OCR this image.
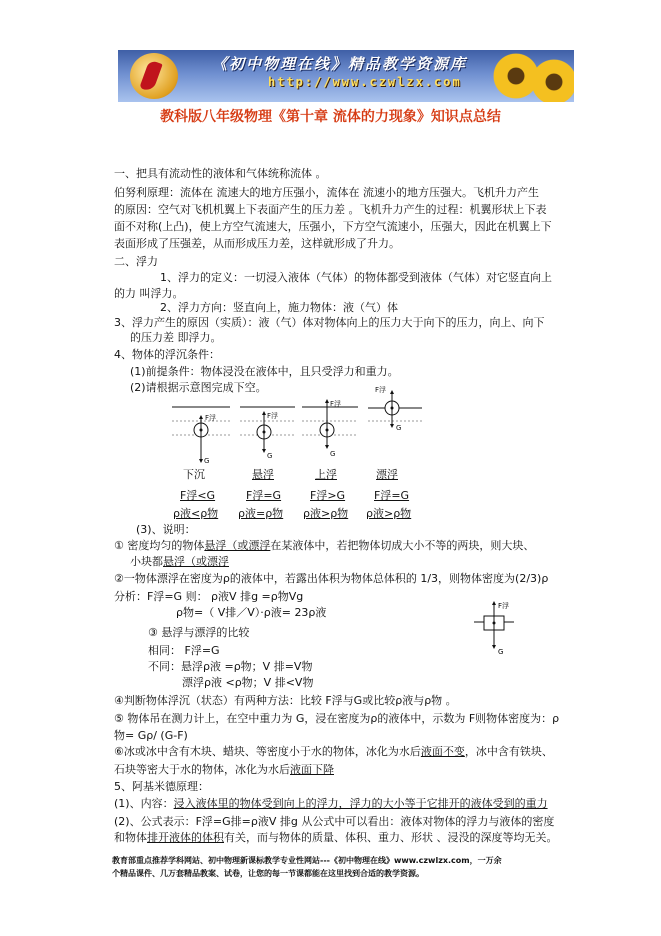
《初中物理在线》精品教学资源库
http://www.czwlzx.com
教科版八年级物理《第十章 流体的力现象》知识点总结
一、把具有流动性的液体和气体统称流体 。
伯努利原理：流体在 流速大的地方压强小，流体在 流速小的地方压强大。飞机升力产生
的原因：空气对飞机机翼上下表面产生的压力差 。飞机升力产生的过程：机翼形状上下表
面不对称(上凸)，使上方空气流速大，压强小，下方空气流速小，压强大，因此在机翼上下
表面形成了压强差，从而形成压力差，这样就形成了升力。
二、浮力
1、浮力的定义：一切浸入液体（气体）的物体都受到液体（气体）对它竖直向上
的力 叫浮力。
2、浮力方向：竖直向上，施力物体：液（气）体
3、浮力产生的原因（实质）：液（气）体对物体向上的压力大于向下的压力，向上、向下
的压力差 即浮力。
4、物体的浮沉条件：
(1)前提条件：物体浸没在液体中，且只受浮力和重力。
(2)请根据示意图完成下空。
F浮
G
F浮
G
F浮
G
F浮
G
下沉	悬浮	上浮	漂浮
F浮<G	F浮=G	F浮>G	F浮=G
ρ液<ρ物 ρ液=ρ物 ρ液>ρ物 ρ液>ρ物
(3)、说明：
① 密度均匀的物体悬浮（或漂浮在某液体中，若把物体切成大小不等的两块，则大块、
小块都悬浮（或漂浮
②一物体漂浮在密度为ρ的液体中，若露出体积为物体总体积的 1/3，则物体密度为(2/3)ρ
分析：F浮=G 则： ρ液V 排g =ρ物Vg
ρ物=（ V排／V）·ρ液= 23ρ液	F浮
G
③ 悬浮与漂浮的比较
相同： F浮=G
不同：悬浮ρ液 =ρ物；V 排=V物
漂浮ρ液 <ρ物；V 排<V物
④判断物体浮沉（状态）有两种方法：比较 F浮与G或比较ρ液与ρ物 。
⑤ 物体吊在测力计上，在空中重力为 G，浸在密度为ρ的液体中，示数为 F则物体密度为：ρ
物= Gρ/ (G-F)
⑥冰或冰中含有木块、蜡块、等密度小于水的物体，冰化为水后液面不变，冰中含有铁块、
石块等密大于水的物体，冰化为水后液面下降
5、阿基米德原理：
(1)、内容：浸入液体里的物体受到向上的浮力，浮力的大小等于它排开的液体受到的重力
(2)、公式表示：F浮=G排=ρ液V 排g 从公式中可以看出：液体对物体的浮力与液体的密度
和物体排开液体的体积有关，而与物体的质量、体积、重力、形状 、浸没的深度等均无关。
教育部重点推荐学科网站、初中物理新课标教学专业性网站---《初中物理在线》www.czwlzx.com，一万余
个精品课件、几万套精品教案、试卷，让您的每一节课都能在这里找到合适的教学资源。
